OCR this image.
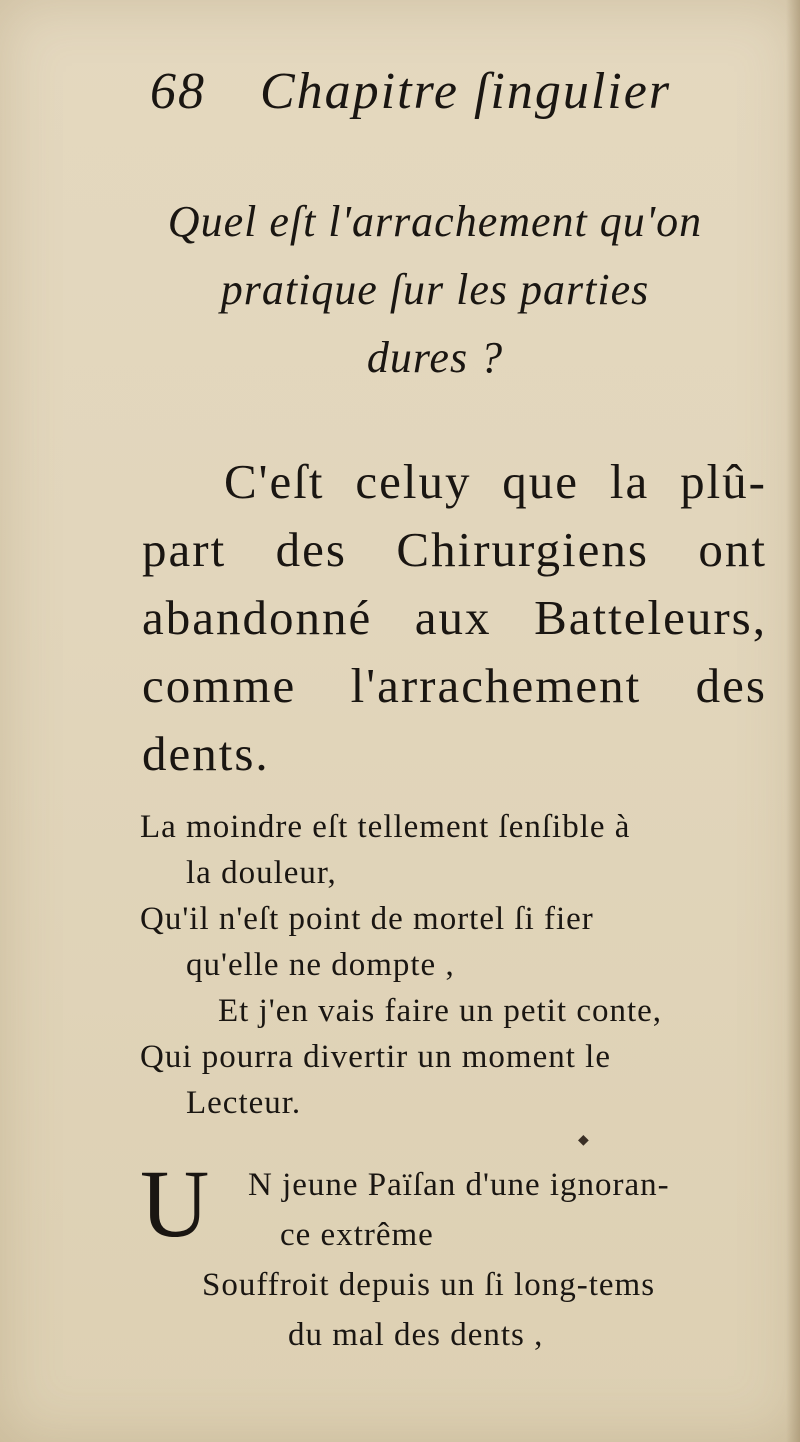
68 Chapitre ſingulier
Quel eſt l'arrachement qu'on
pratique ſur les parties
dures ?
C'eſt celuy que la plû-part des Chirurgiens ont abandonné aux Batteleurs, comme l'arrachement des dents.
La moindre eſt tellement ſenſible à
la douleur,
Qu'il n'eſt point de mortel ſi fier
qu'elle ne dompte ,
Et j'en vais faire un petit conte,
Qui pourra divertir un moment le
Lecteur.
◆
U	N jeune Païſan d'une ignoran-
ce extrême
Souffroit depuis un ſi long-tems
du mal des dents ,
